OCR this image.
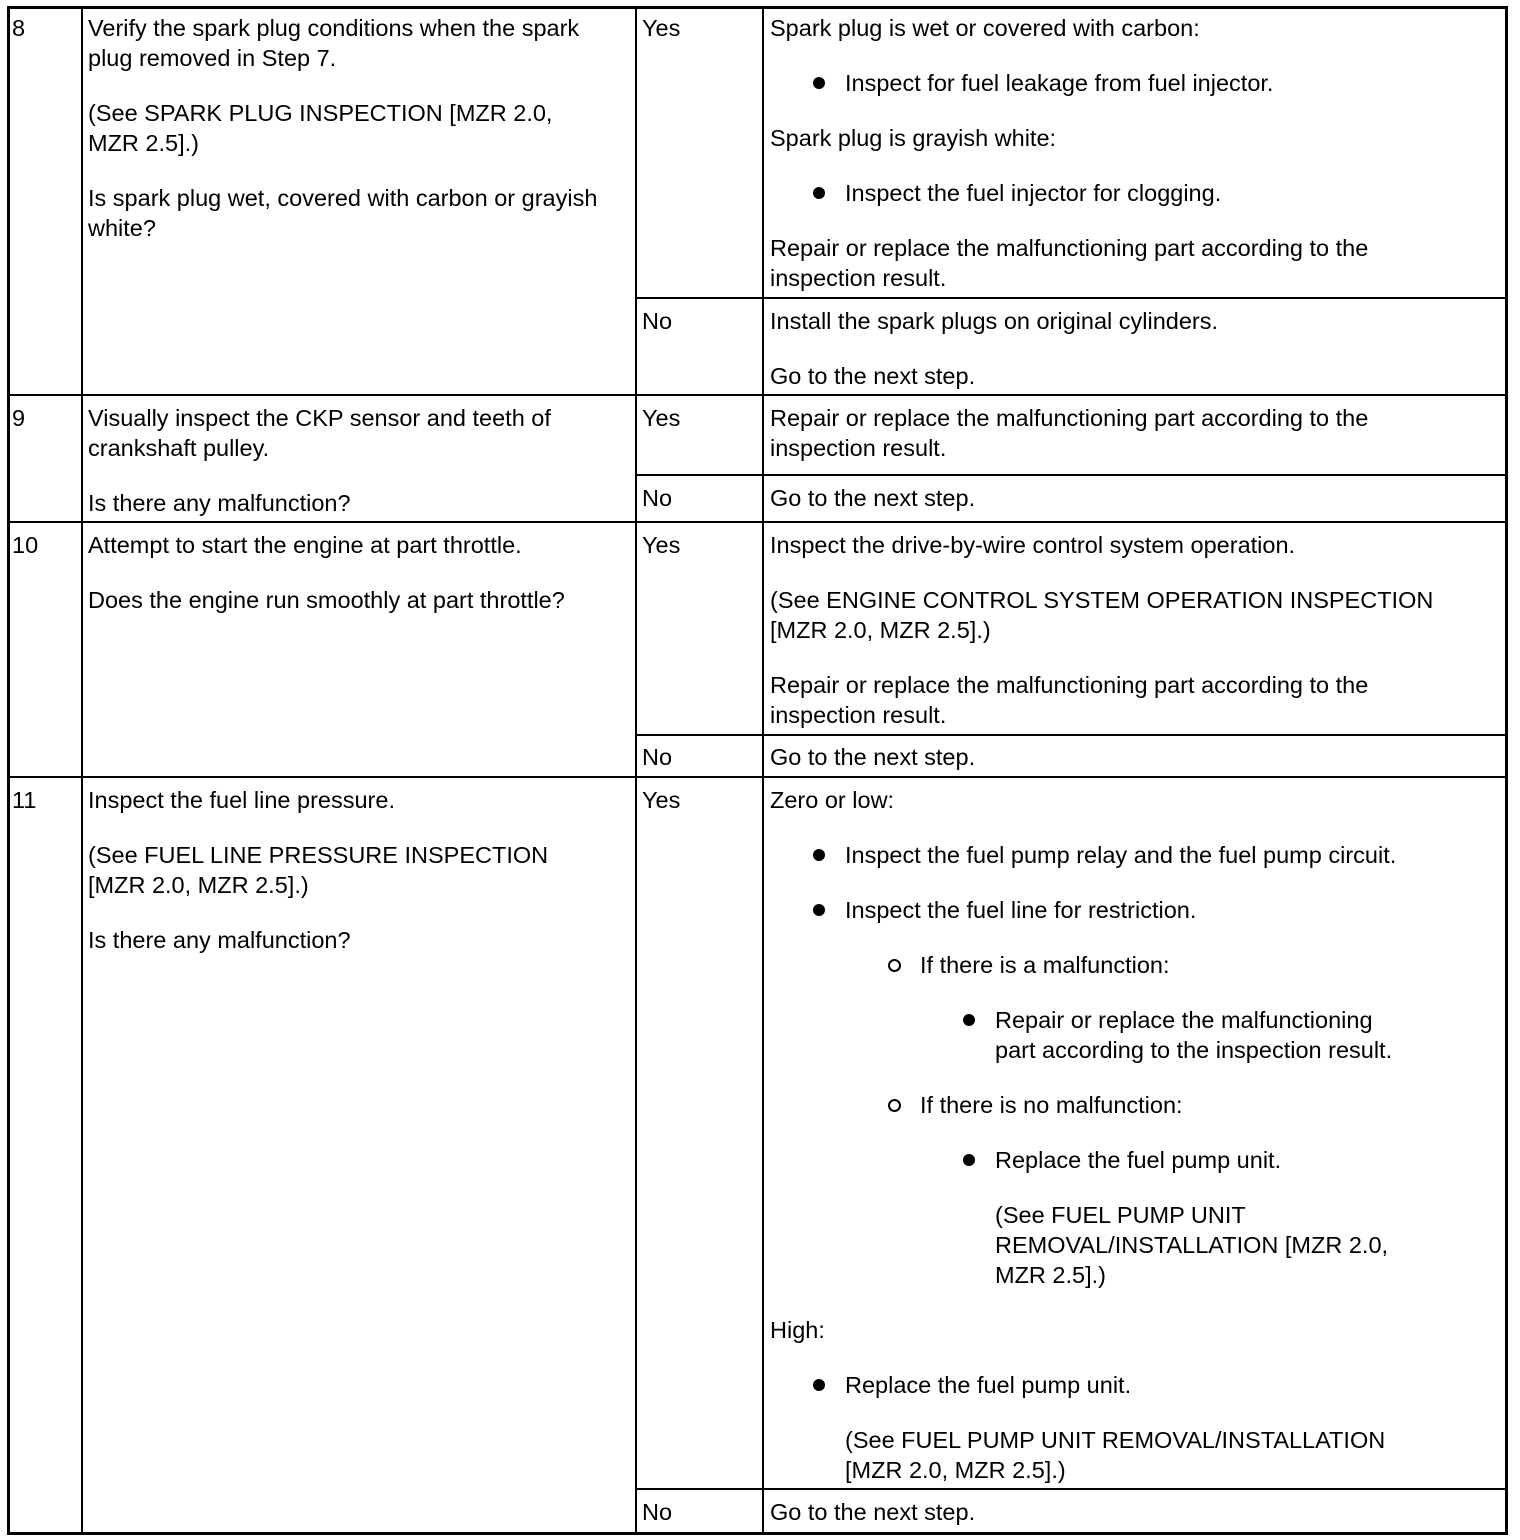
8	Verify the spark plug conditions when the spark
plug removed in Step 7.
(See SPARK PLUG INSPECTION [MZR 2.0,
MZR 2.5].)
Is spark plug wet, covered with carbon or grayish
white?
Yes	Spark plug is wet or covered with carbon:
Inspect for fuel leakage from fuel injector.
Spark plug is grayish white:
Inspect the fuel injector for clogging.
Repair or replace the malfunctioning part according to the
inspection result.
No	Install the spark plugs on original cylinders.
Go to the next step.
9	Visually inspect the CKP sensor and teeth of
crankshaft pulley.
Is there any malfunction?
Yes	Repair or replace the malfunctioning part according to the
inspection result.
No	Go to the next step.
10 Attempt to start the engine at part throttle.
Does the engine run smoothly at part throttle?
Yes	Inspect the drive-by-wire control system operation.
(See ENGINE CONTROL SYSTEM OPERATION INSPECTION
[MZR 2.0, MZR 2.5].)
Repair or replace the malfunctioning part according to the
inspection result.
No	Go to the next step.
11 Inspect the fuel line pressure.
(See FUEL LINE PRESSURE INSPECTION
[MZR 2.0, MZR 2.5].)
Is there any malfunction?
Yes	Zero or low:
Inspect the fuel pump relay and the fuel pump circuit.
Inspect the fuel line for restriction.
If there is a malfunction:
Repair or replace the malfunctioning
part according to the inspection result.
If there is no malfunction:
Replace the fuel pump unit.
(See FUEL PUMP UNIT
REMOVAL/INSTALLATION [MZR 2.0,
MZR 2.5].)
High:
Replace the fuel pump unit.
(See FUEL PUMP UNIT REMOVAL/INSTALLATION
[MZR 2.0, MZR 2.5].)
No	Go to the next step.
